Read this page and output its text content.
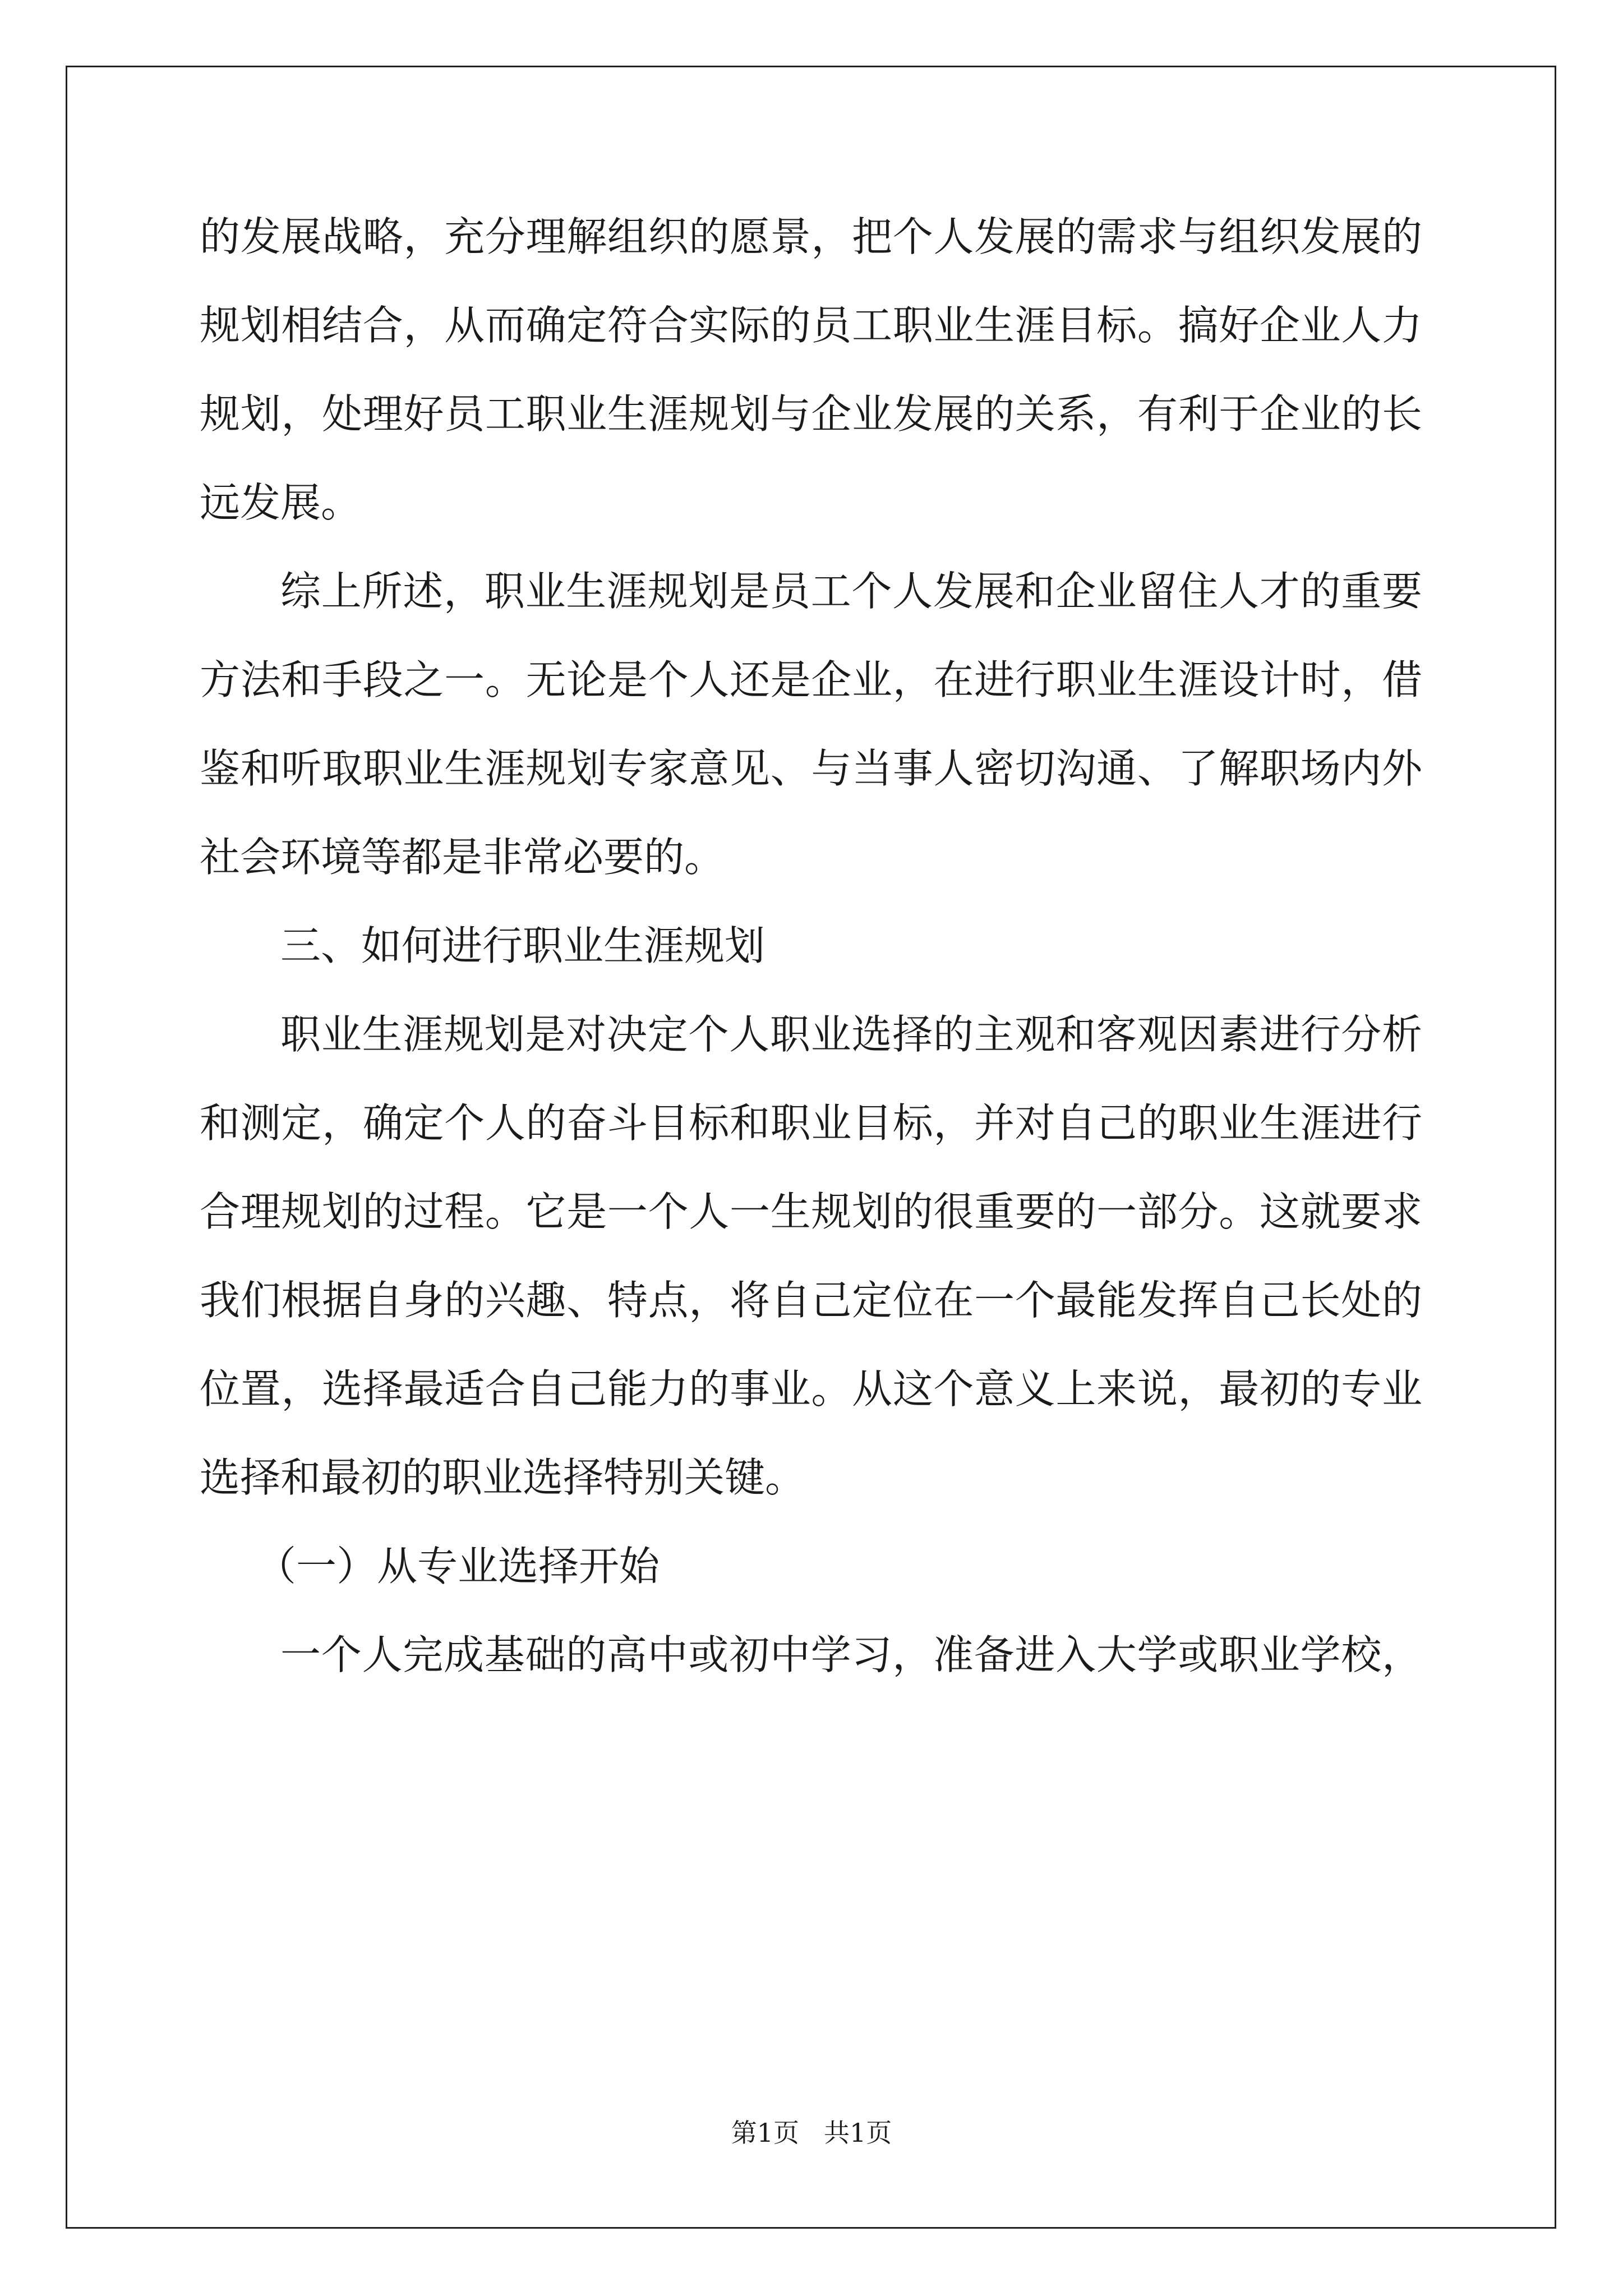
的发展战略，充分理解组织的愿景，把个人发展的需求与组织发展的
规划相结合，从而确定符合实际的员工职业生涯目标。搞好企业人力
规划，处理好员工职业生涯规划与企业发展的关系，有利于企业的长
远发展。
综上所述，职业生涯规划是员工个人发展和企业留住人才的重要
方法和手段之一。无论是个人还是企业，在进行职业生涯设计时，借
鉴和听取职业生涯规划专家意见、与当事人密切沟通、了解职场内外
社会环境等都是非常必要的。
三、如何进行职业生涯规划
职业生涯规划是对决定个人职业选择的主观和客观因素进行分析
和测定，确定个人的奋斗目标和职业目标，并对自己的职业生涯进行
合理规划的过程。它是一个人一生规划的很重要的一部分。这就要求
我们根据自身的兴趣、特点，将自己定位在一个最能发挥自己长处的
位置，选择最适合自己能力的事业。从这个意义上来说，最初的专业
选择和最初的职业选择特别关键。
（一）从专业选择开始
一个人完成基础的高中或初中学习，准备进入大学或职业学校，
第1页 共1页
